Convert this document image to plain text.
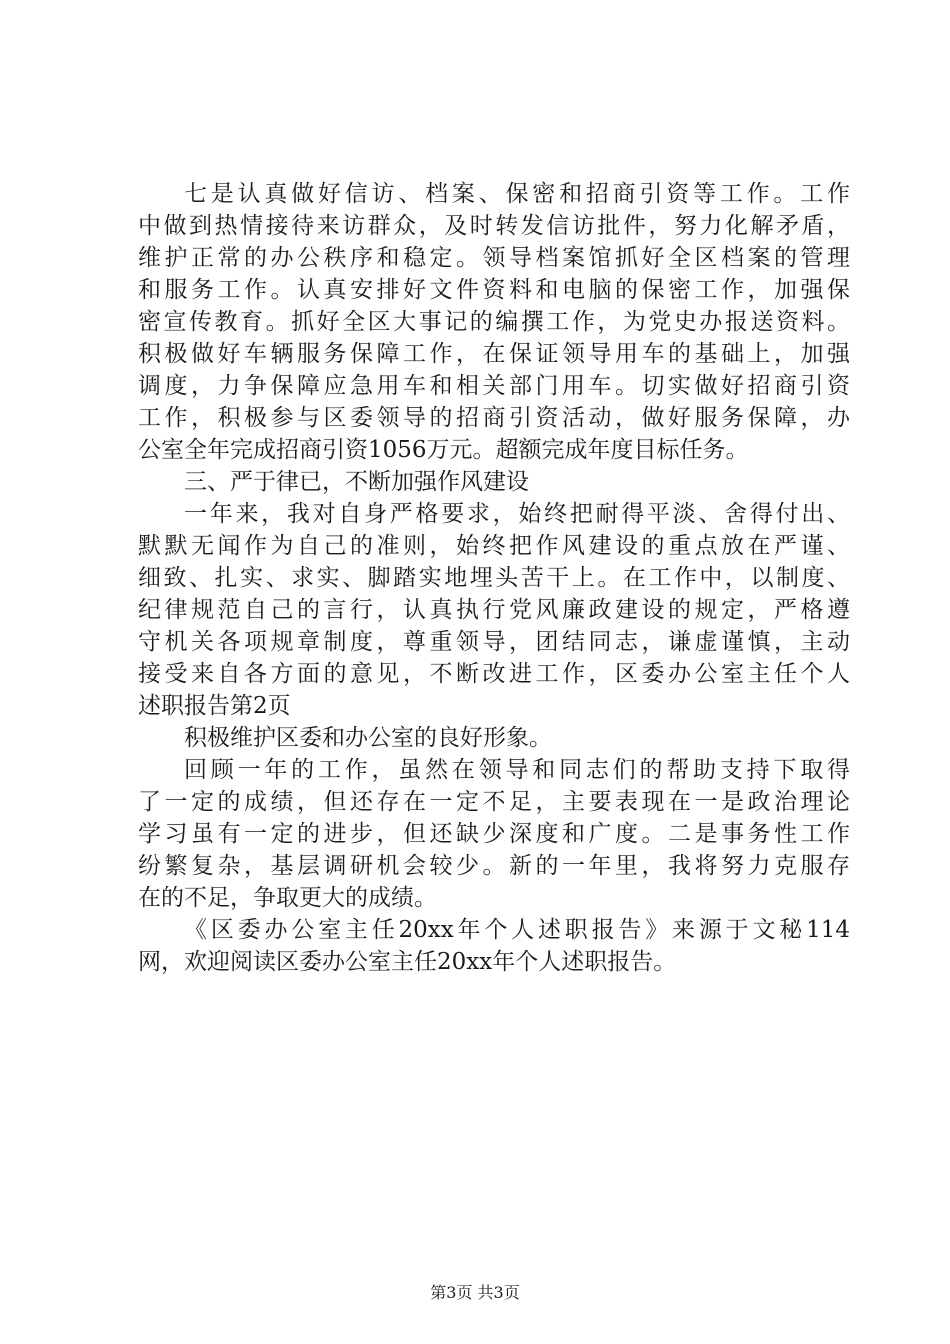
七是认真做好信访、档案、保密和招商引资等工作。工作
中做到热情接待来访群众，及时转发信访批件，努力化解矛盾，
维护正常的办公秩序和稳定。领导档案馆抓好全区档案的管理
和服务工作。认真安排好文件资料和电脑的保密工作，加强保
密宣传教育。抓好全区大事记的编撰工作，为党史办报送资料。
积极做好车辆服务保障工作，在保证领导用车的基础上，加强
调度，力争保障应急用车和相关部门用车。切实做好招商引资
工作，积极参与区委领导的招商引资活动，做好服务保障，办
公室全年完成招商引资1056万元。超额完成年度目标任务。
三、严于律已，不断加强作风建设
一年来，我对自身严格要求，始终把耐得平淡、舍得付出、
默默无闻作为自己的准则，始终把作风建设的重点放在严谨、
细致、扎实、求实、脚踏实地埋头苦干上。在工作中，以制度、
纪律规范自己的言行，认真执行党风廉政建设的规定，严格遵
守机关各项规章制度，尊重领导，团结同志，谦虚谨慎，主动
接受来自各方面的意见，不断改进工作，区委办公室主任个人
述职报告第2页
积极维护区委和办公室的良好形象。
回顾一年的工作，虽然在领导和同志们的帮助支持下取得
了一定的成绩，但还存在一定不足，主要表现在一是政治理论
学习虽有一定的进步，但还缺少深度和广度。二是事务性工作
纷繁复杂，基层调研机会较少。新的一年里，我将努力克服存
在的不足，争取更大的成绩。
《区委办公室主任20xx年个人述职报告》来源于文秘114
网，欢迎阅读区委办公室主任20xx年个人述职报告。
第3页 共3页
